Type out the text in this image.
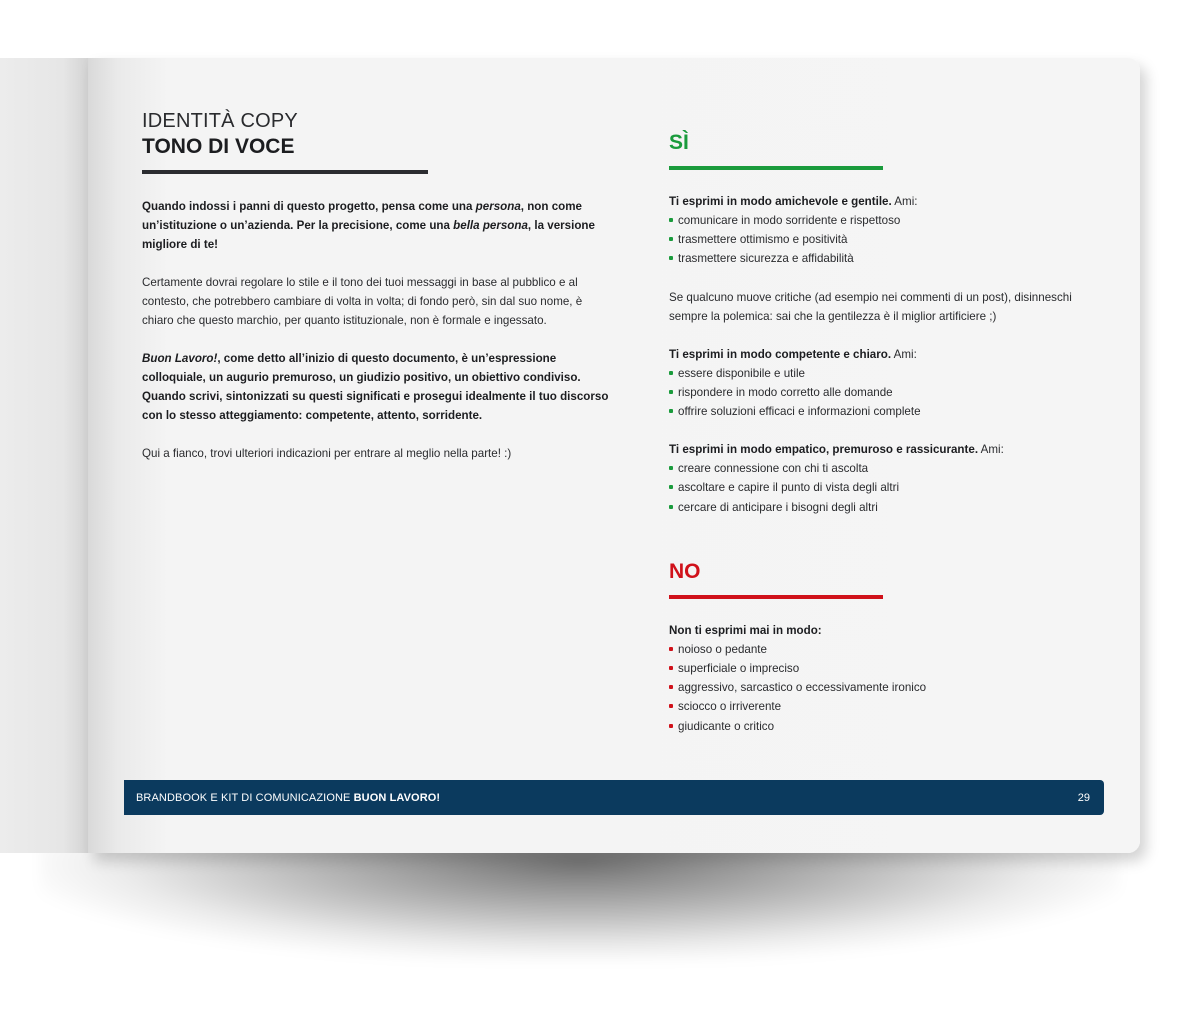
IDENTITÀ COPY
TONO DI VOCE
Quando indossi i panni di questo progetto, pensa come una persona, non come un’istituzione o un’azienda. Per la precisione, come una bella persona, la versione migliore di te!
Certamente dovrai regolare lo stile e il tono dei tuoi messaggi in base al pubblico e al contesto, che potrebbero cambiare di volta in volta; di fondo però, sin dal suo nome, è chiaro che questo marchio, per quanto istituzionale, non è formale e ingessato.
Buon Lavoro!, come detto all’inizio di questo documento, è un’espressione colloquiale, un augurio premuroso, un giudizio positivo, un obiettivo condiviso.
Quando scrivi, sintonizzati su questi significati e prosegui idealmente il tuo discorso con lo stesso atteggiamento: competente, attento, sorridente.
Qui a fianco, trovi ulteriori indicazioni per entrare al meglio nella parte! :)
SÌ
Ti esprimi in modo amichevole e gentile. Ami:
comunicare in modo sorridente e rispettoso
trasmettere ottimismo e positività
trasmettere sicurezza e affidabilità
Se qualcuno muove critiche (ad esempio nei commenti di un post), disinneschi sempre la polemica: sai che la gentilezza è il miglior artificiere ;)
Ti esprimi in modo competente e chiaro. Ami:
essere disponibile e utile
rispondere in modo corretto alle domande
offrire soluzioni efficaci e informazioni complete
Ti esprimi in modo empatico, premuroso e rassicurante. Ami:
creare connessione con chi ti ascolta
ascoltare e capire il punto di vista degli altri
cercare di anticipare i bisogni degli altri
NO
Non ti esprimi mai in modo:
noioso o pedante
superficiale o impreciso
aggressivo, sarcastico o eccessivamente ironico
sciocco o irriverente
giudicante o critico
BRANDBOOK E KIT DI COMUNICAZIONE BUON LAVORO!	29
